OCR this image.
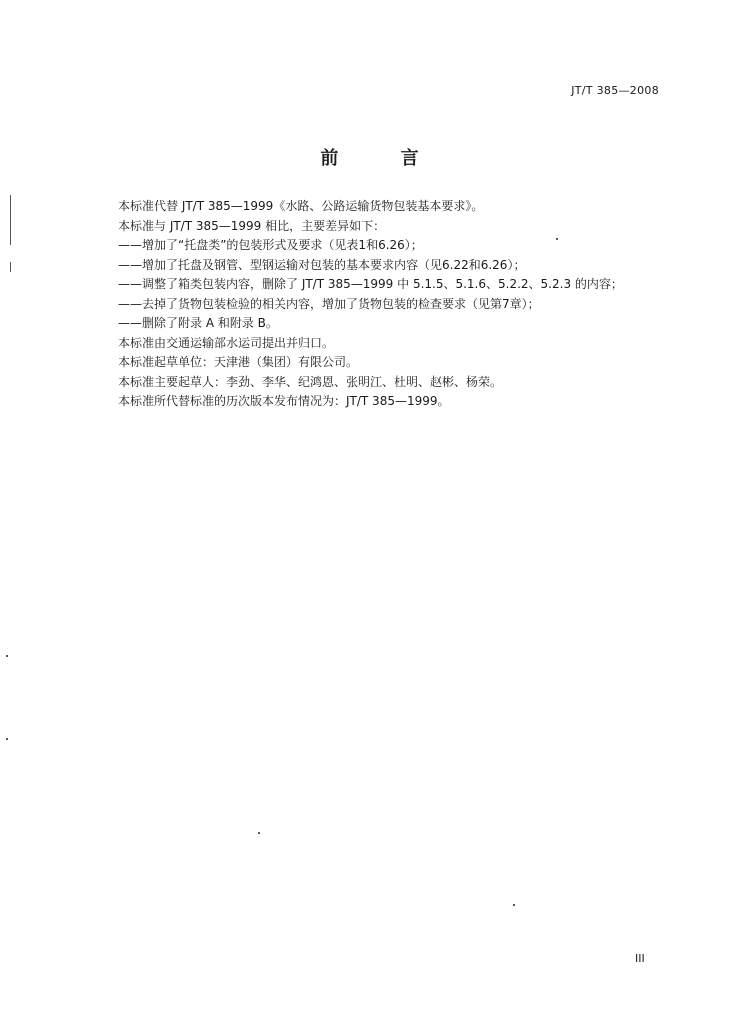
JT/T 385—2008
前 言
本标准代替 JT/T 385—1999《水路、公路运输货物包装基本要求》。
本标准与 JT/T 385—1999 相比，主要差异如下：
——增加了“托盘类”的包装形式及要求（见表1和6.26）；
——增加了托盘及钢管、型钢运输对包装的基本要求内容（见6.22和6.26）；
——调整了箱类包装内容，删除了 JT/T 385—1999 中 5.1.5、5.1.6、5.2.2、5.2.3 的内容；
——去掉了货物包装检验的相关内容，增加了货物包装的检查要求（见第7章）；
——删除了附录 A 和附录 B。
本标准由交通运输部水运司提出并归口。
本标准起草单位：天津港（集团）有限公司。
本标准主要起草人：李劲、李华、纪鸿恩、张明江、杜明、赵彬、杨荣。
本标准所代替标准的历次版本发布情况为：JT/T 385—1999。
III
